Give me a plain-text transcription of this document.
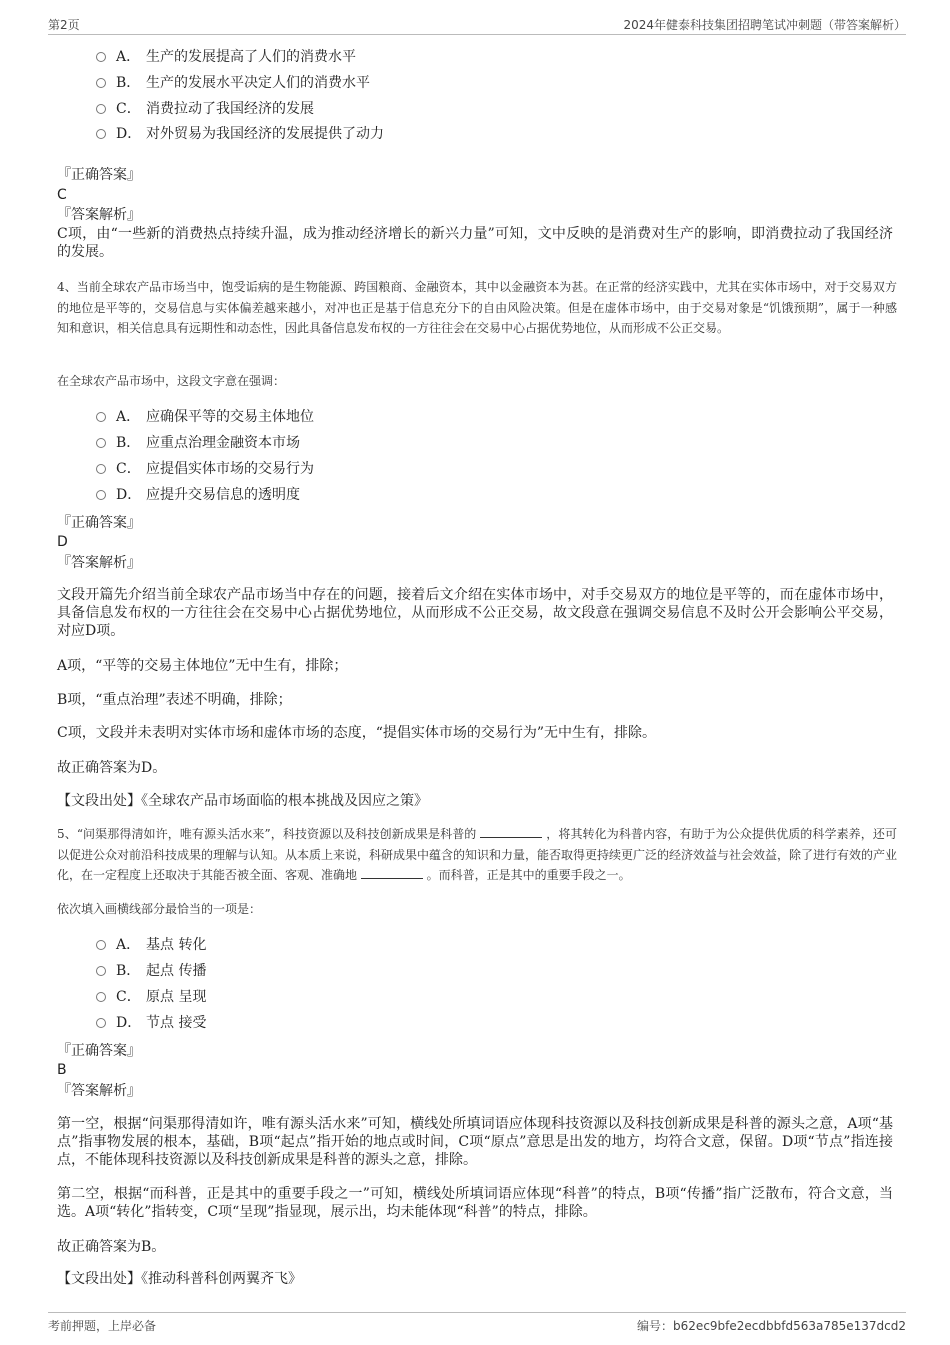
第2页	2024年健泰科技集团招聘笔试冲刺题（带答案解析）
A． 生产的发展提高了人们的消费水平
B． 生产的发展水平决定人们的消费水平
C． 消费拉动了我国经济的发展
D． 对外贸易为我国经济的发展提供了动力
『正确答案』
C
『答案解析』
C项，由“一些新的消费热点持续升温，成为推动经济增长的新兴力量”可知，文中反映的是消费对生产的影响，即消费拉动了我国经济的发展。
4、当前全球农产品市场当中，饱受诟病的是生物能源、跨国粮商、金融资本，其中以金融资本为甚。在正常的经济实践中，尤其在实体市场中，对于交易双方的地位是平等的，交易信息与实体偏差越来越小，对冲也正是基于信息充分下的自由风险决策。但是在虚体市场中，由于交易对象是“饥饿预期”，属于一种感知和意识，相关信息具有远期性和动态性，因此具备信息发布权的一方往往会在交易中心占据优势地位，从而形成不公正交易。
在全球农产品市场中，这段文字意在强调：
A． 应确保平等的交易主体地位
B． 应重点治理金融资本市场
C． 应提倡实体市场的交易行为
D． 应提升交易信息的透明度
『正确答案』
D
『答案解析』
文段开篇先介绍当前全球农产品市场当中存在的问题，接着后文介绍在实体市场中，对手交易双方的地位是平等的，而在虚体市场中，具备信息发布权的一方往往会在交易中心占据优势地位，从而形成不公正交易，故文段意在强调交易信息不及时公开会影响公平交易，对应D项。
A项，“平等的交易主体地位”无中生有，排除；
B项，“重点治理”表述不明确，排除；
C项，文段并未表明对实体市场和虚体市场的态度，“提倡实体市场的交易行为”无中生有，排除。
故正确答案为D。
【文段出处】《全球农产品市场面临的根本挑战及因应之策》
5、“问渠那得清如许，唯有源头活水来”，科技资源以及科技创新成果是科普的	，将其转化为科普内容，有助于为公众提供优质的科学素养，还可以促进公众对前沿科技成果的理解与认知。从本质上来说，科研成果中蕴含的知识和力量，能否取得更持续更广泛的经济效益与社会效益，除了进行有效的产业化，在一定程度上还取决于其能否被全面、客观、准确地	。而科普，正是其中的重要手段之一。
依次填入画横线部分最恰当的一项是：
A． 基点 转化
B． 起点 传播
C． 原点 呈现
D． 节点 接受
『正确答案』
B
『答案解析』
第一空，根据“问渠那得清如许，唯有源头活水来”可知，横线处所填词语应体现科技资源以及科技创新成果是科普的源头之意，A项“基点”指事物发展的根本，基础，B项“起点”指开始的地点或时间，C项“原点”意思是出发的地方，均符合文意，保留。D项“节点”指连接点，不能体现科技资源以及科技创新成果是科普的源头之意，排除。
第二空，根据“而科普，正是其中的重要手段之一”可知，横线处所填词语应体现“科普”的特点，B项“传播”指广泛散布，符合文意，当选。A项“转化”指转变，C项“呈现”指显现，展示出，均未能体现“科普”的特点，排除。
故正确答案为B。
【文段出处】《推动科普科创两翼齐飞》
考前押题，上岸必备	编号：b62ec9bfe2ecdbbfd563a785e137dcd2
